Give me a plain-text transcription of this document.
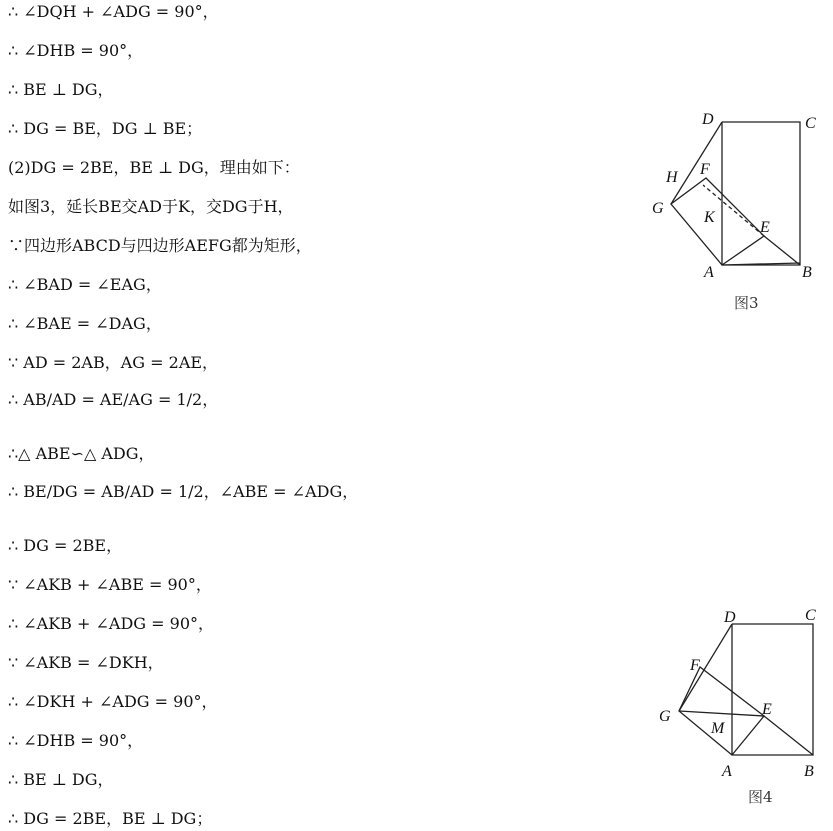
∴ ∠DQH + ∠ADG = 90°，
∴ ∠DHB = 90°，
∴ BE ⊥ DG，
∴ DG = BE，DG ⊥ BE；
(2)DG = 2BE，BE ⊥ DG，理由如下：
如图3，延长BE交AD于K，交DG于H，
∵四边形ABCD与四边形AEFG都为矩形，
∴ ∠BAD = ∠EAG，
∴ ∠BAE = ∠DAG，
∵ AD = 2AB，AG = 2AE，
∴ AB/AD = AE/AG = 1/2，
∴△ ABE∽△ ADG，
∴ BE/DG = AB/AD = 1/2，∠ABE = ∠ADG，
∴ DG = 2BE，
∵ ∠AKB + ∠ABE = 90°，
∴ ∠AKB + ∠ADG = 90°，
∵ ∠AKB = ∠DKH，
∴ ∠DKH + ∠ADG = 90°，
∴ ∠DHB = 90°，
∴ BE ⊥ DG，
∴ DG = 2BE，BE ⊥ DG；
D	C
H F
G
K
E
A	B
图3
D	C
F
G	E
M
A	B
图4
